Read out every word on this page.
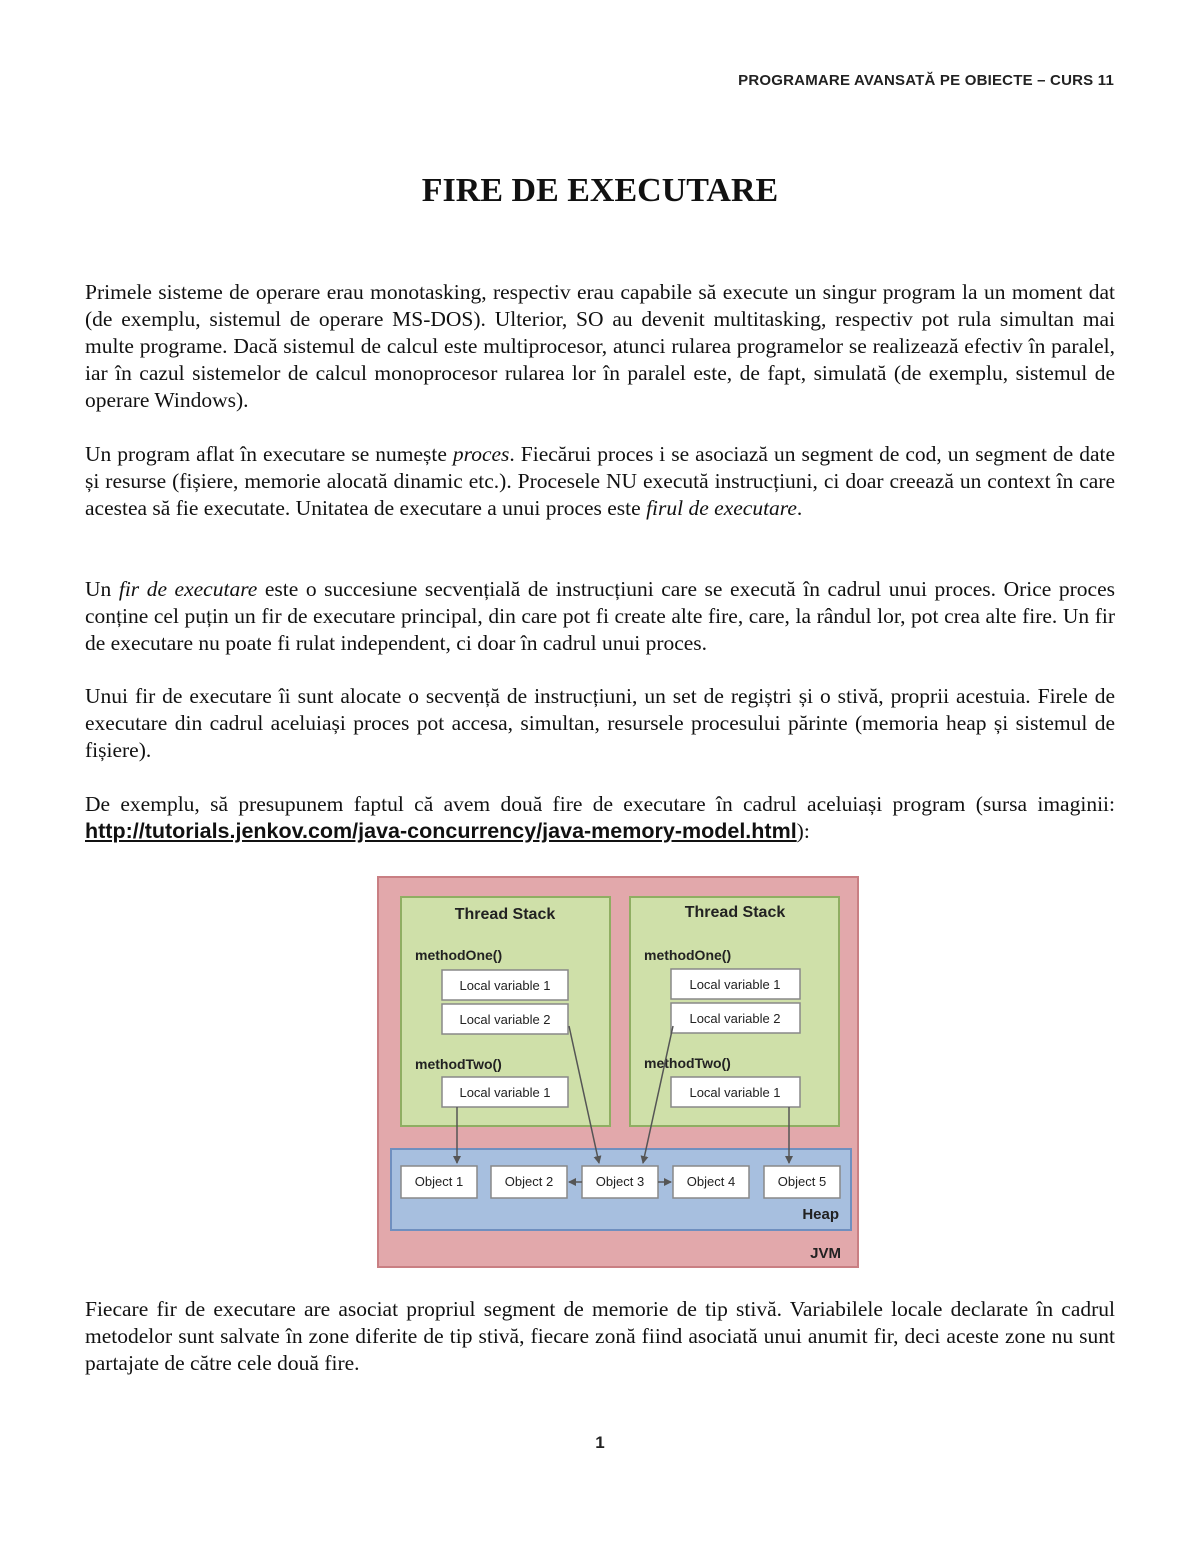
PROGRAMARE AVANSATĂ PE OBIECTE – CURS 11
FIRE DE EXECUTARE

Primele sisteme de operare erau monotasking, respectiv erau capabile să execute un singur program la un moment dat (de exemplu, sistemul de operare MS-DOS). Ulterior, SO au devenit multitasking, respectiv pot rula simultan mai multe programe. Dacă sistemul de calcul este multiprocesor, atunci rularea programelor se realizează efectiv în paralel, iar în cazul sistemelor de calcul monoprocesor rularea lor în paralel este, de fapt, simulată (de exemplu, sistemul de operare Windows).

Un program aflat în executare se numește proces. Fiecărui proces i se asociază un segment de cod, un segment de date și resurse (fișiere, memorie alocată dinamic etc.). Procesele NU execută instrucțiuni, ci doar creează un context în care acestea să fie executate. Unitatea de executare a unui proces este firul de executare.

Un fir de executare este o succesiune secvențială de instrucțiuni care se execută în cadrul unui proces. Orice proces conține cel puțin un fir de executare principal, din care pot fi create alte fire, care, la rândul lor, pot crea alte fire. Un fir de executare nu poate fi rulat independent, ci doar în cadrul unui proces.

Unui fir de executare îi sunt alocate o secvență de instrucțiuni, un set de regiștri și o stivă, proprii acestuia. Firele de executare din cadrul aceluiași proces pot accesa, simultan, resursele procesului părinte (memoria heap și sistemul de fișiere).

De exemplu, să presupunem faptul că avem două fire de executare în cadrul aceluiași program (sursa imaginii: http://tutorials.jenkov.com/java-concurrency/java-memory-model.html):

JVM
Thread Stack
methodOne()
Local variable 1
Local variable 2
methodTwo()
Local variable 1
Thread Stack
methodOne()
Local variable 1
Local variable 2
methodTwo()
Local variable 1
Heap
Object 1	Object 2	Object 3	Object 4	Object 5

Fiecare fir de executare are asociat propriul segment de memorie de tip stivă. Variabilele locale declarate în cadrul metodelor sunt salvate în zone diferite de tip stivă, fiecare zonă fiind asociată unui anumit fir, deci aceste zone nu sunt partajate de către cele două fire.

1
